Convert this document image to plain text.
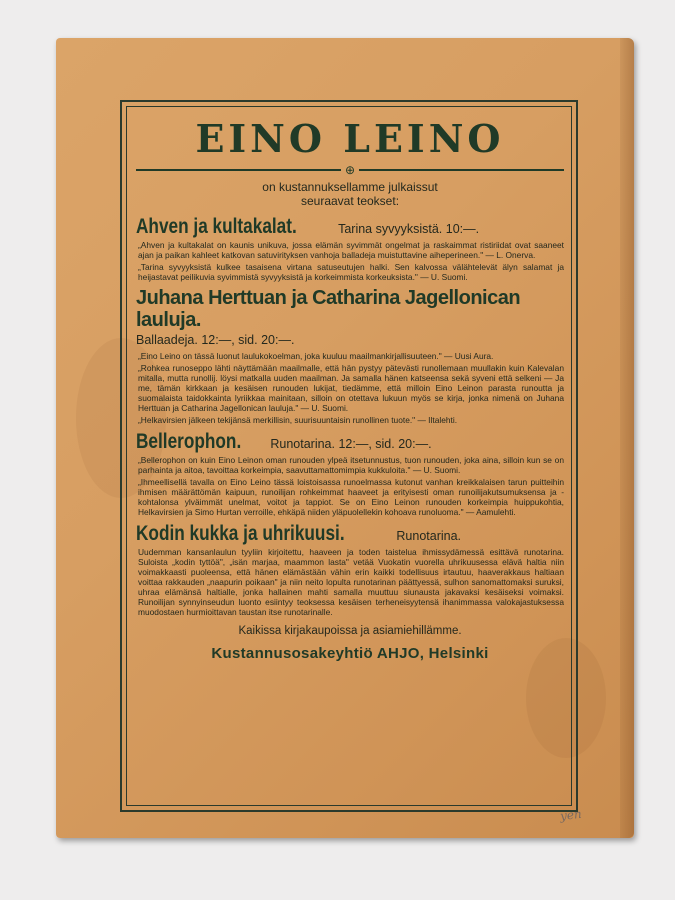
EINO LEINO
⊕
on kustannuksellamme julkaissut
seuraavat teokset:
Ahven ja kultakalat.	Tarina syvyyksistä. 10:—.
„Ahven ja kultakalat on kaunis unikuva, jossa elämän syvimmät ongelmat ja raskaimmat ristiriidat ovat saaneet ajan ja paikan kahleet katkovan satuvirityksen vanhoja balladeja muistuttavine aiheperineen." — L. Onerva.
„Tarina syvyyksistä kulkee tasaisena virtana satuseutujen halki. Sen kalvossa välähtelevät älyn salamat ja heijastavat peilikuvia syvimmistä syvyyksistä ja korkeimmista korkeuksista." — U. Suomi.
Juhana Herttuan ja Catharina Jagellonican lauluja.
Ballaadeja. 12:—, sid. 20:—.
„Eino Leino on tässä luonut laulukokoelman, joka kuuluu maailmankirjallisuuteen." — Uusi Aura.
„Rohkea runoseppo lähti näyttämään maailmalle, että hän pystyy pätevästi runollemaan muullakin kuin Kalevalan mitalla, mutta runollij. löysi matkalla uuden maailman. Ja samalla hänen katseensa sekä syveni että selkeni — Ja me, tämän kirkkaan ja kesäisen runouden lukijat, tiedämme, että milloin Eino Leinon parasta runoutta ja suomalaista taidokkainta lyriikkaa mainitaan, silloin on otettava lukuun myös se kirja, jonka nimenä on Juhana Herttuan ja Catharina Jagellonican lauluja." — U. Suomi.
„Helkavirsien jälkeen tekijänsä merkillisin, suurisuuntaisin runollinen tuote." — Iltalehti.
Bellerophon. Runotarina. 12:—, sid. 20:—.
„Bellerophon on kuin Eino Leinon oman runouden ylpeä itsetunnustus, tuon runouden, joka aina, silloin kun se on parhainta ja aitoa, tavoittaa korkeimpia, saavuttamattomimpia kukkuloita." — U. Suomi.
„Ihmeellisellä tavalla on Eino Leino tässä loistoisassa runoelmassa kutonut vanhan kreikkalaisen tarun puitteihin ihmisen määrättömän kaipuun, runoilijan rohkeimmat haaveet ja erityisesti oman runoilijakutsumuksensa ja -kohtalonsa ylväimmät unelmat, voitot ja tappiot. Se on Eino Leinon runouden korkeimpia huippukohtia, Helkavirsien ja Simo Hurtan verroille, ehkäpä niiden yläpuolellekin kohoava runoluoma." — Aamulehti.
Kodin kukka ja uhrikuusi.	Runotarina.
Uudemman kansanlaulun tyyliin kirjoitettu, haaveen ja toden taistelua ihmissydämessä esittävä runotarina. Suloista „kodin tyttöä", „isän marjaa, maammon lasta" vetää Vuokatin vuorella uhrikuusessa elävä haltia niin voimakkaasti puoleensa, että hänen elämästään vähin erin kaikki todellisuus irtautuu, haaverakkaus haltiaan voittaa rakkauden „naapurin poikaan" ja niin neito lopulta runotarinan päättyessä, sulhon sanomattomaksi suruksi, uhraa elämänsä haltialle, jonka hallainen mahti samalla muuttuu siunausta jakavaksi kesäiseksi voimaksi. Runoilijan synnyinseudun luonto esiintyy teoksessa kesäisen terheneisyytensä ihanimmassa valokajastuksessa muodostaen hurmioittavan taustan itse runotarinalle.
Kaikissa kirjakaupoissa ja asiamiehillämme.
Kustannusosakeyhtiö AHJO, Helsinki
yen
